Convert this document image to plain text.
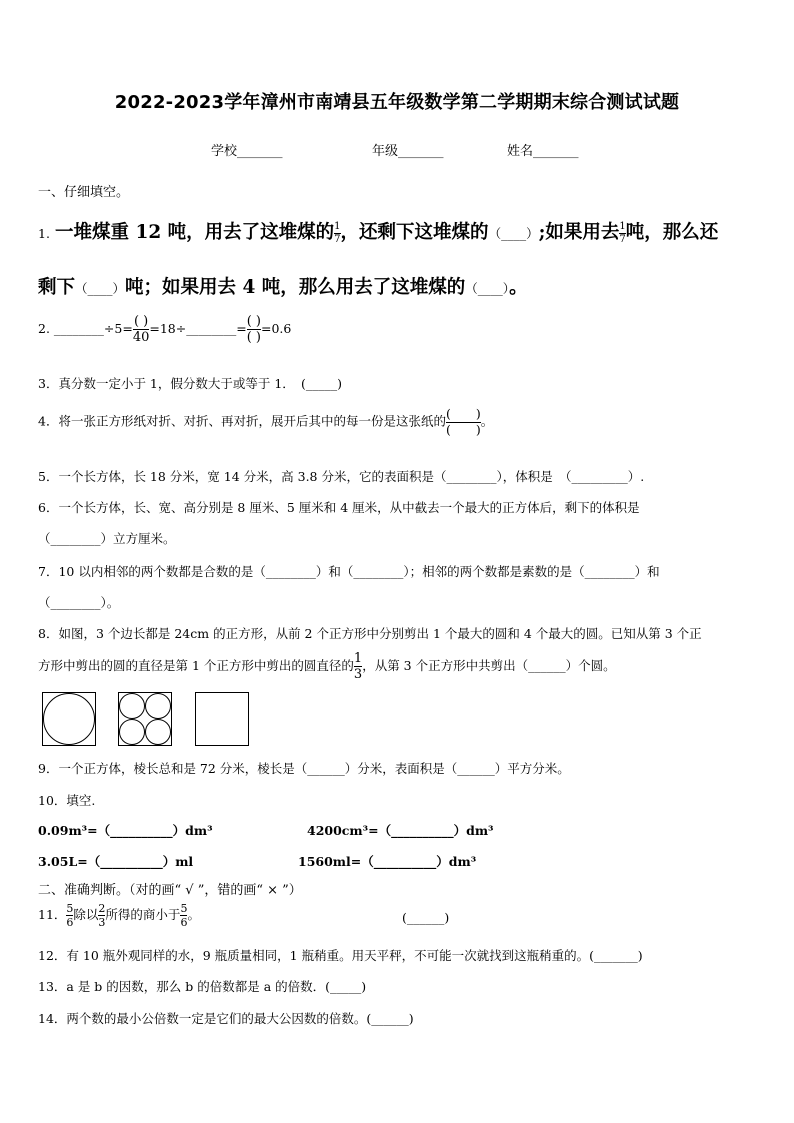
2022-2023学年漳州市南靖县五年级数学第二学期期末综合测试试题
学校_______	年级_______	姓名_______
一、仔细填空。
1. 一堆煤重 12 吨，用去了这堆煤的 $\frac{1}{7}$ ，还剩下这堆煤的（____）;如果用去 $\frac{1}{7}$ 吨，那么还
剩下（____）吨；如果用去 4 吨，那么用去了这堆煤的（____）。
2. ________÷5= $\frac{( )}{40}$ =18÷________= $\frac{( )}{( )} =0.6$
3．真分数一定小于 1，假分数大于或等于 1．　(_____)
4．将一张正方形纸对折、对折、再对折，展开后其中的每一份是这张纸的 $\frac{( )}{( )}$ 。
5．一个长方体，长 18 分米，宽 14 分米，高 3.8 分米，它的表面积是（________），体积是　（_________）.
6．一个长方体，长、宽、高分别是 8 厘米、5 厘米和 4 厘米，从中截去一个最大的正方体后，剩下的体积是
（________）立方厘米。
7．10 以内相邻的两个数都是合数的是（________）和（________）；相邻的两个数都是素数的是（________）和
（________）。
8．如图，3 个边长都是 24cm 的正方形，从前 2 个正方形中分别剪出 1 个最大的圆和 4 个最大的圆。已知从第 3 个正
方形中剪出的圆的直径是第 1 个正方形中剪出的圆直径的 $\frac{1}{3}$ ，从第 3 个正方形中共剪出（______）个圆。
9．一个正方体，棱长总和是 72 分米，棱长是（______）分米，表面积是（______）平方分米。
10．填空.
0.09m³=（__________）dm³	4200cm³=（__________）dm³
3.05L=（__________）ml	1560ml=（__________）dm³
二、准确判断。（对的画“ √ ”，错的画“ × ”）
11． $\frac{5}{6}$ 除以 $\frac{2}{3}$ 所得的商小于 $\frac{5}{6}$ 。	(______)
12．有 10 瓶外观同样的水，9 瓶质量相同，1 瓶稍重。用天平秤，不可能一次就找到这瓶稍重的。(_______)
13．a 是 b 的因数，那么 b 的倍数都是 a 的倍数．(_____)
14．两个数的最小公倍数一定是它们的最大公因数的倍数。(______)
